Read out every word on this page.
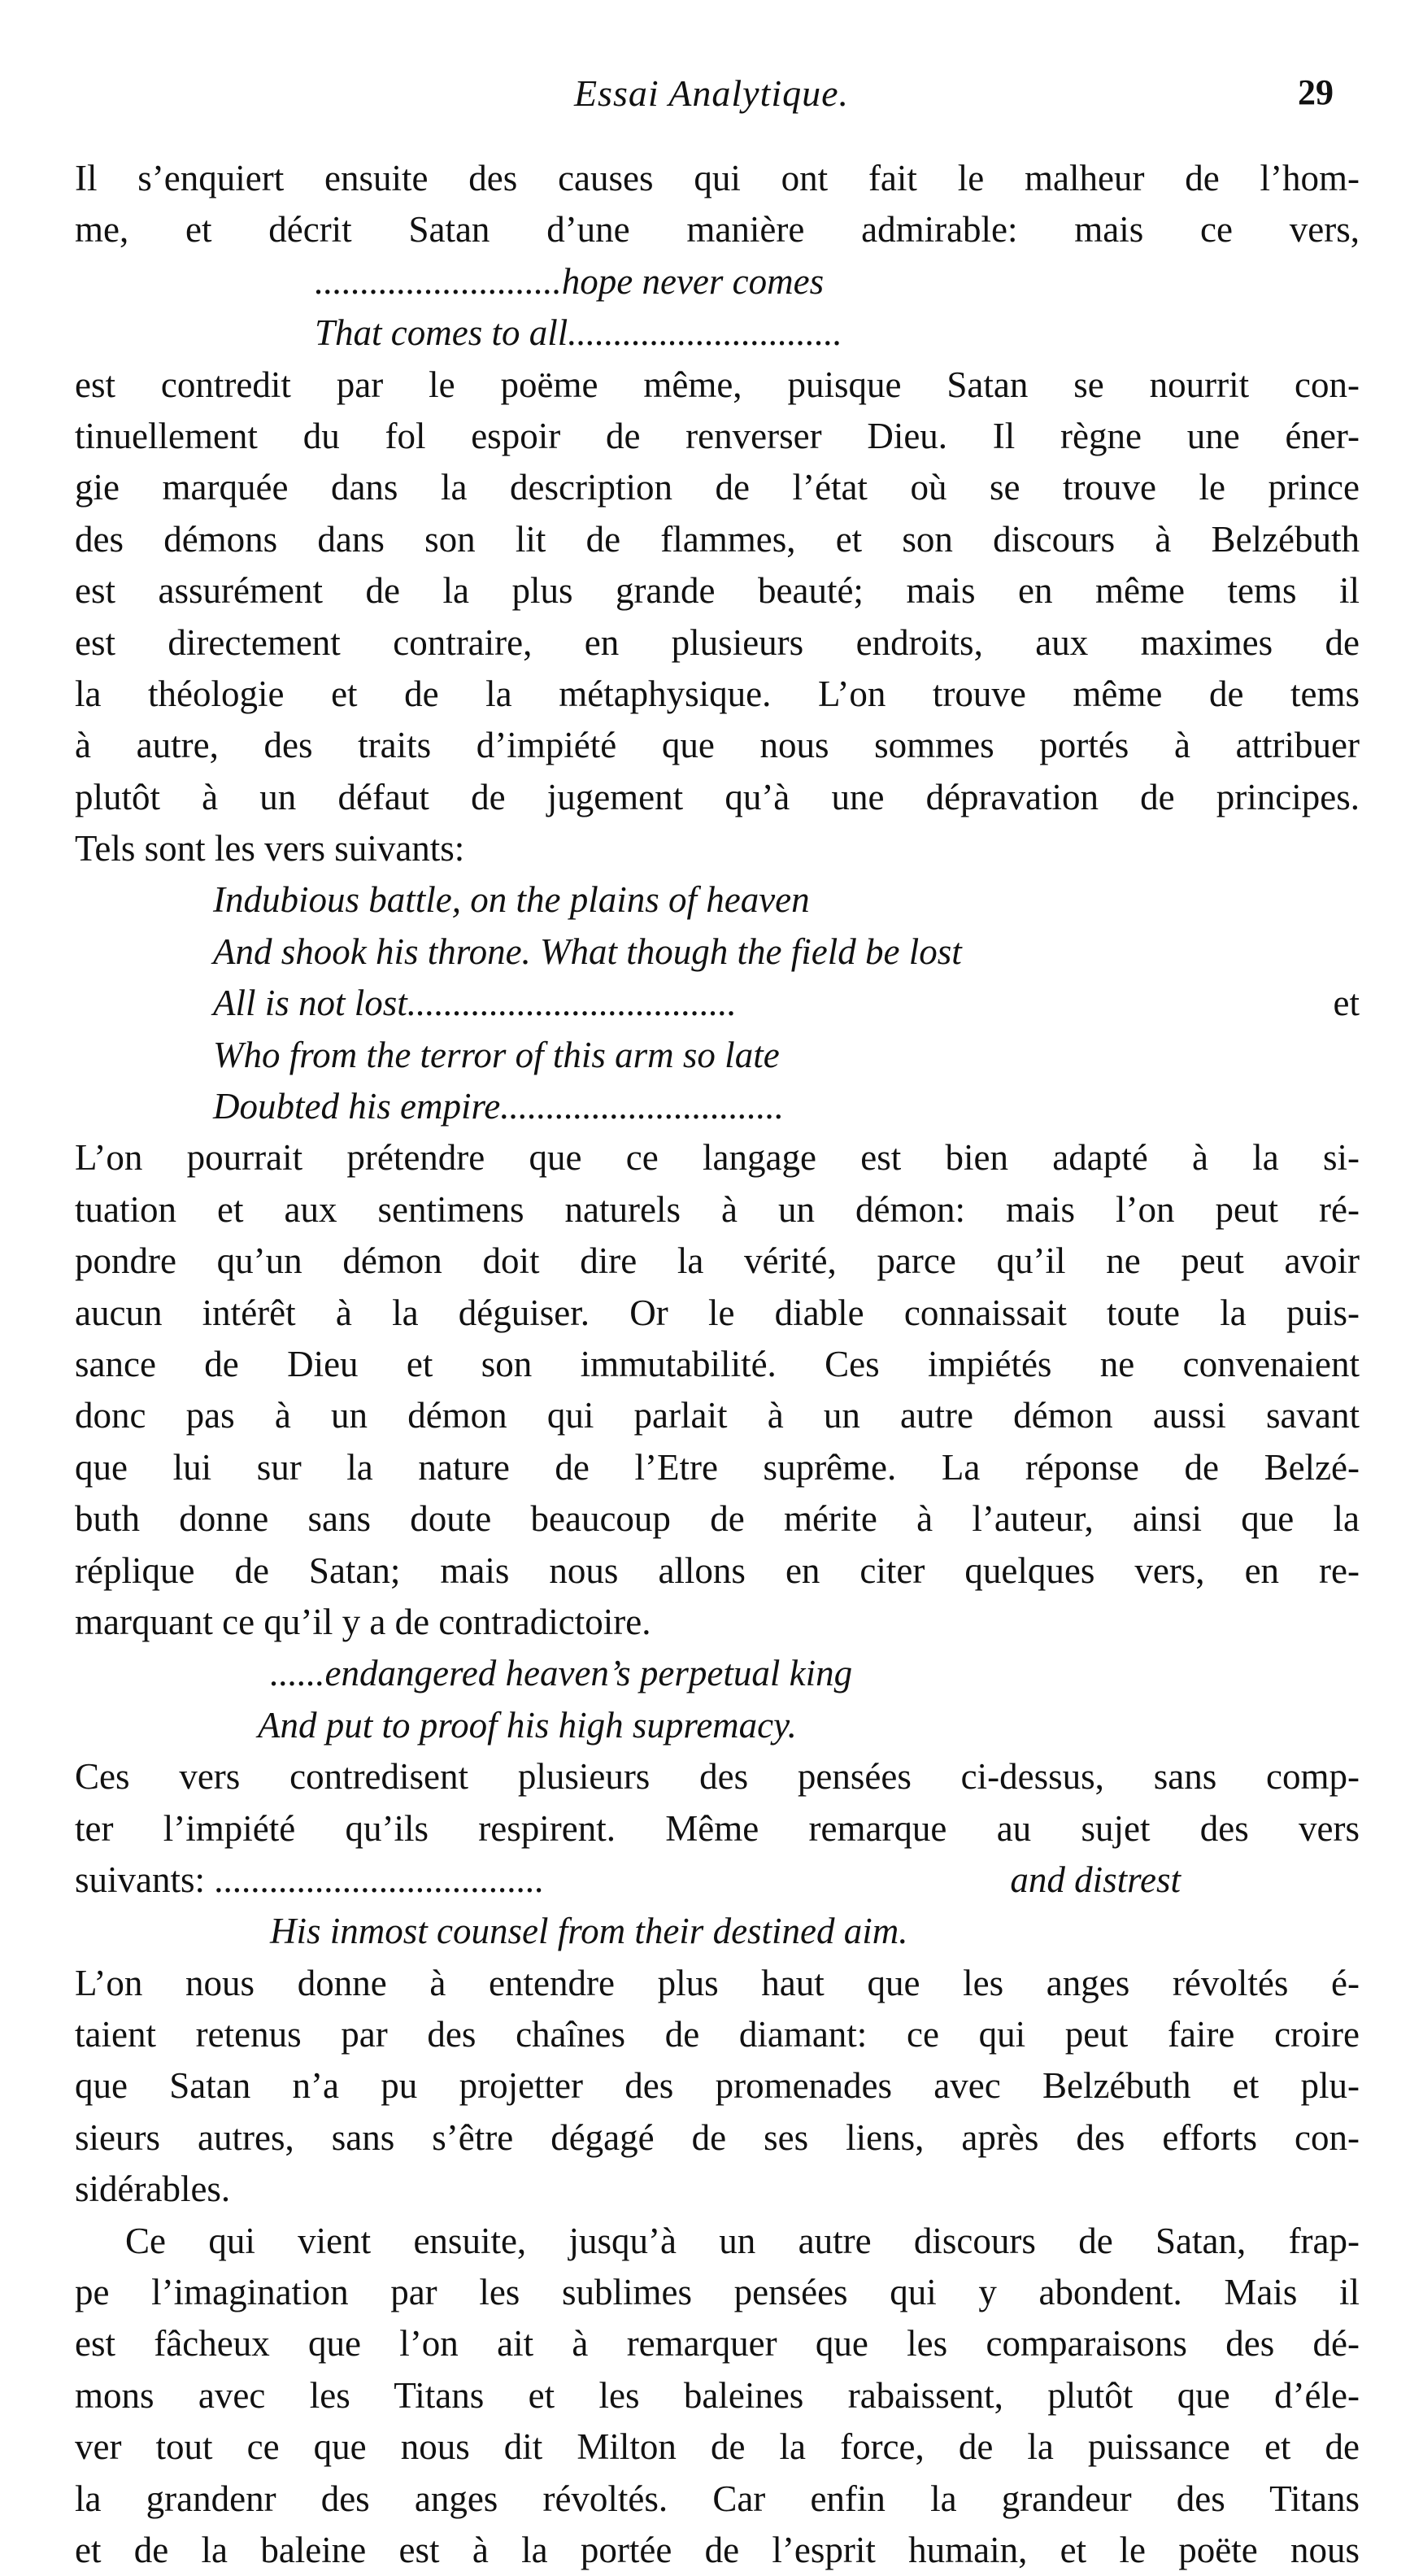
Essai Analytique.	29
Il s’enquiert ensuite des causes qui ont fait le malheur de l’hom-
me, et décrit Satan d’une manière admirable: mais ce vers,
...........................hope never comes
That comes to all..............................
est contredit par le poëme même, puisque Satan se nourrit con-
tinuellement du fol espoir de renverser Dieu. Il règne une éner-
gie marquée dans la description de l’état où se trouve le prince
des démons dans son lit de flammes, et son discours à Belzébuth
est assurément de la plus grande beauté; mais en même tems il
est directement contraire, en plusieurs endroits, aux maximes de
la théologie et de la métaphysique. L’on trouve même de tems
à autre, des traits d’impiété que nous sommes portés à attribuer
plutôt à un défaut de jugement qu’à une dépravation de principes.
Tels sont les vers suivants:
Indubious battle, on the plains of heaven
And shook his throne. What though the field be lost
All is not lost....................................	et
Who from the terror of this arm so late
Doubted his empire...............................
L’on pourrait prétendre que ce langage est bien adapté à la si-
tuation et aux sentimens naturels à un démon: mais l’on peut ré-
pondre qu’un démon doit dire la vérité, parce qu’il ne peut avoir
aucun intérêt à la déguiser. Or le diable connaissait toute la puis-
sance de Dieu et son immutabilité. Ces impiétés ne convenaient
donc pas à un démon qui parlait à un autre démon aussi savant
que lui sur la nature de l’Etre suprême. La réponse de Belzé-
buth donne sans doute beaucoup de mérite à l’auteur, ainsi que la
réplique de Satan; mais nous allons en citer quelques vers, en re-
marquant ce qu’il y a de contradictoire.
......endangered heaven’s perpetual king
And put to proof his high supremacy.
Ces vers contredisent plusieurs des pensées ci-dessus, sans comp-
ter l’impiété qu’ils respirent. Même remarque au sujet des vers
suivants: ....................................	and distrest
His inmost counsel from their destined aim.
L’on nous donne à entendre plus haut que les anges révoltés é-
taient retenus par des chaînes de diamant: ce qui peut faire croire
que Satan n’a pu projetter des promenades avec Belzébuth et plu-
sieurs autres, sans s’être dégagé de ses liens, après des efforts con-
sidérables.
Ce qui vient ensuite, jusqu’à un autre discours de Satan, frap-
pe l’imagination par les sublimes pensées qui y abondent. Mais il
est fâcheux que l’on ait à remarquer que les comparaisons des dé-
mons avec les Titans et les baleines rabaissent, plutôt que d’éle-
ver tout ce que nous dit Milton de la force, de la puissance et de
la grandenr des anges révoltés. Car enfin la grandeur des Titans
et de la baleine est à la portée de l’esprit humain, et le poëte nous
